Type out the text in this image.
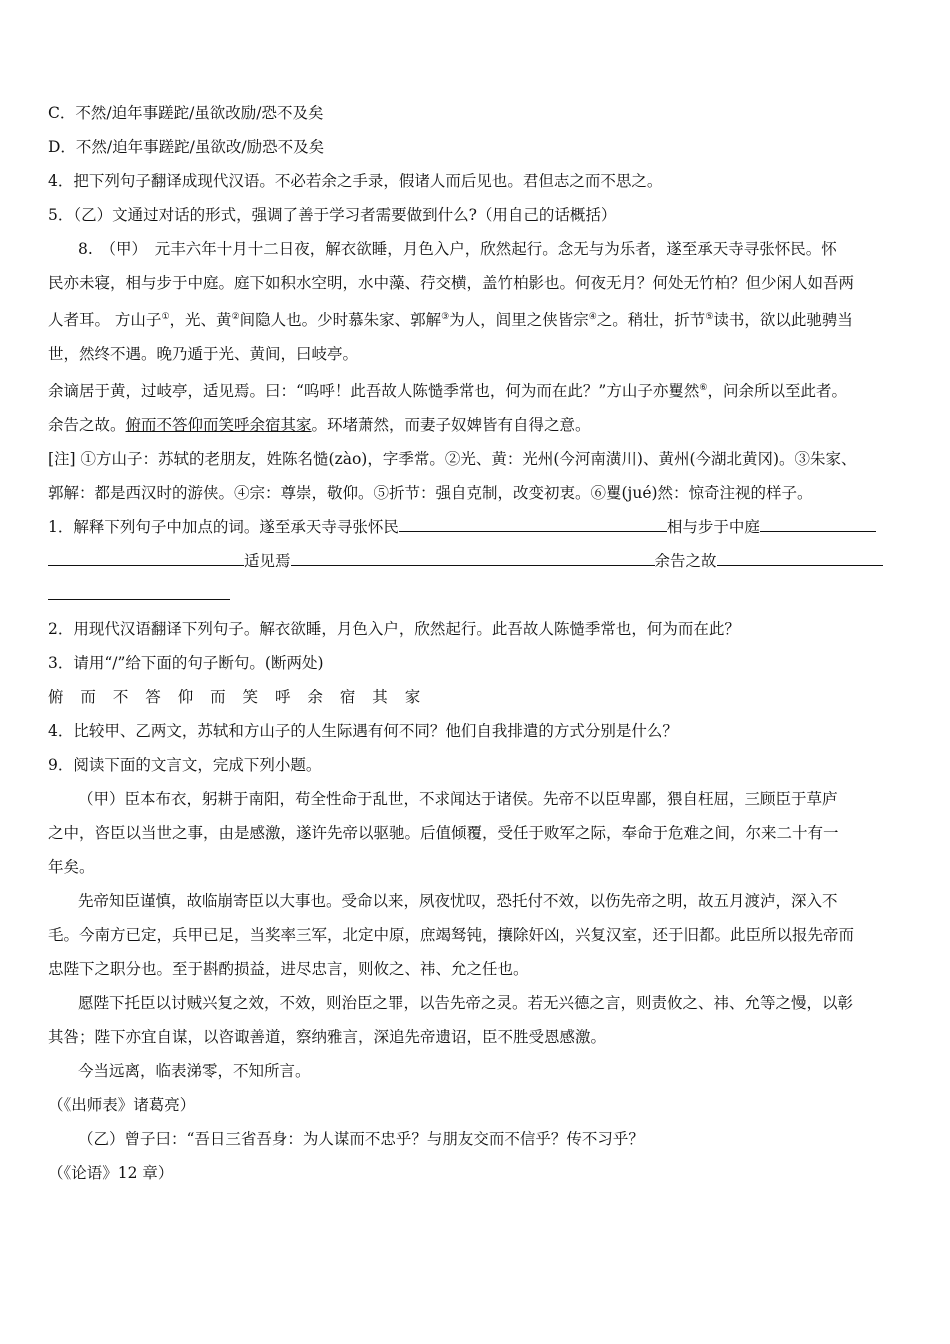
C．不然/迫年事蹉跎/虽欲改励/恐不及矣
D．不然/迫年事蹉跎/虽欲改/励恐不及矣
4．把下列句子翻译成现代汉语。不必若余之手录，假诸人而后见也。君但志之而不思之。
5．（乙）文通过对话的形式，强调了善于学习者需要做到什么?（用自己的话概括）
8.　（甲）　元丰六年十月十二日夜，解衣欲睡，月色入户，欣然起行。念无与为乐者，遂至承天寺寻张怀民。怀
民亦未寝，相与步于中庭。庭下如积水空明，水中藻、荇交横，盖竹柏影也。何夜无月？何处无竹柏？但少闲人如吾两
人者耳。 方山子①，光、黄②间隐人也。少时慕朱家、郭解③为人，闾里之侠皆宗④之。稍壮，折节⑤读书，欲以此驰骋当
世，然终不遇。晚乃遁于光、黄间，曰岐亭。
余谪居于黄，过岐亭，适见焉。曰：“呜呼！此吾故人陈慥季常也，何为而在此？”方山子亦矍然⑥，问余所以至此者。
余告之故。俯而不答仰而笑呼余宿其家。环堵萧然，而妻子奴婢皆有自得之意。
[注] ①方山子：苏轼的老朋友，姓陈名慥(zào)，字季常。②光、黄：光州(今河南潢川)、黄州(今湖北黄冈)。③朱家、
郭解：都是西汉时的游侠。④宗：尊崇，敬仰。⑤折节：强自克制，改变初衷。⑥矍(jué)然：惊奇注视的样子。
1．解释下列句子中加点的词。遂至承天寺寻张怀民	相与步于中庭
适见焉	余告之故
2．用现代汉语翻译下列句子。解衣欲睡，月色入户，欣然起行。此吾故人陈慥季常也，何为而在此？
3．请用“/”给下面的句子断句。(断两处)
俯 而 不 答 仰 而 笑 呼 余 宿 其 家
4．比较甲、乙两文，苏轼和方山子的人生际遇有何不同？他们自我排遣的方式分别是什么？
9．阅读下面的文言文，完成下列小题。
（甲）臣本布衣，躬耕于南阳，苟全性命于乱世，不求闻达于诸侯。先帝不以臣卑鄙，猥自枉屈，三顾臣于草庐
之中，咨臣以当世之事，由是感激，遂许先帝以驱驰。后值倾覆，受任于败军之际，奉命于危难之间，尔来二十有一
年矣。
先帝知臣谨慎，故临崩寄臣以大事也。受命以来，夙夜忧叹，恐托付不效，以伤先帝之明，故五月渡泸，深入不
毛。今南方已定，兵甲已足，当奖率三军，北定中原，庶竭驽钝，攘除奸凶，兴复汉室，还于旧都。此臣所以报先帝而
忠陛下之职分也。至于斟酌损益，进尽忠言，则攸之、祎、允之任也。
愿陛下托臣以讨贼兴复之效，不效，则治臣之罪，以告先帝之灵。若无兴德之言，则责攸之、祎、允等之慢，以彰
其咎；陛下亦宜自谋，以咨诹善道，察纳雅言，深追先帝遗诏，臣不胜受恩感激。
今当远离，临表涕零，不知所言。
（《出师表》诸葛亮）
（乙）曾子曰：“吾日三省吾身：为人谋而不忠乎？与朋友交而不信乎？传不习乎？
（《论语》12 章）
